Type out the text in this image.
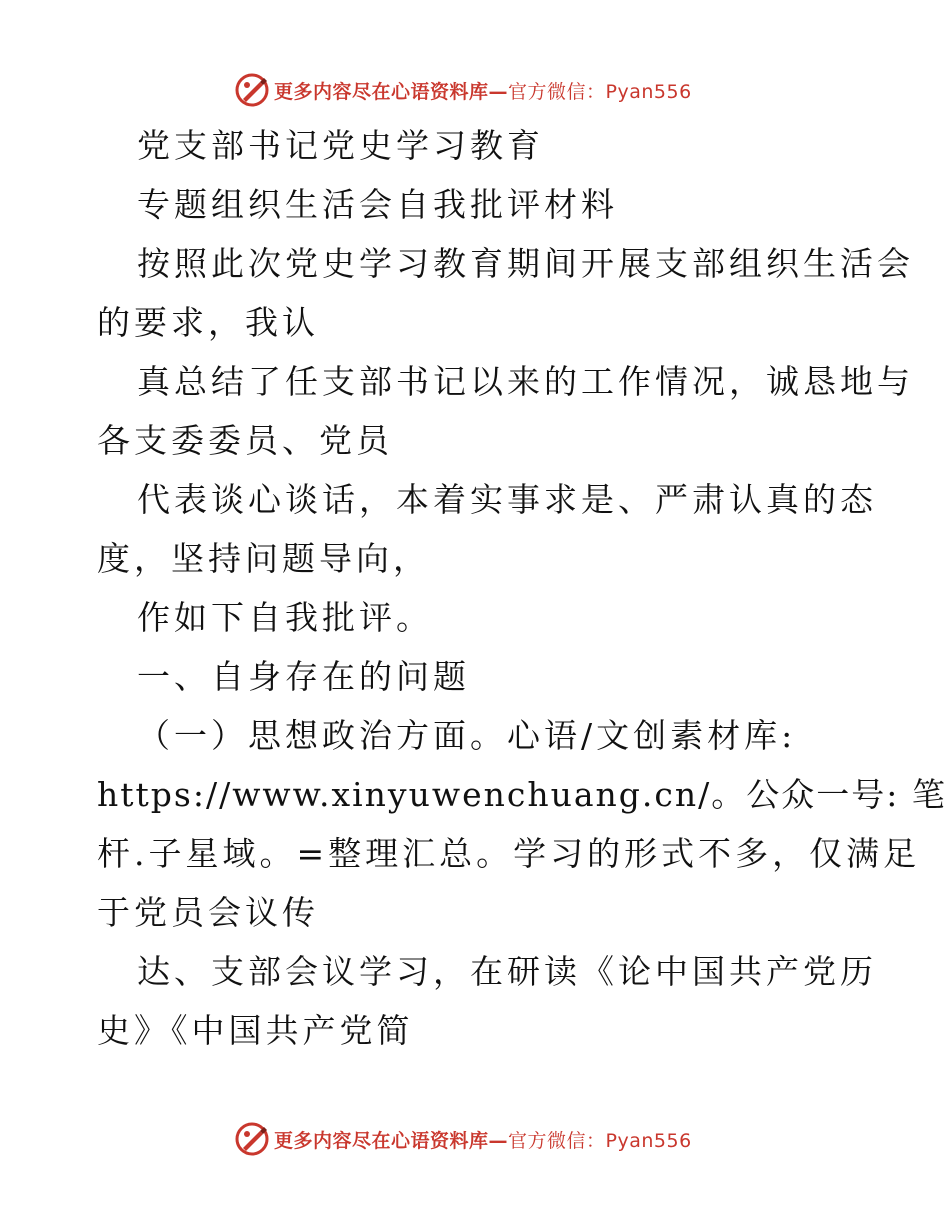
更多内容尽在心语资料库— 官方微信：Pyan556
党支部书记党史学习教育
专题组织生活会自我批评材料
按照此次党史学习教育期间开展支部组织生活会
的要求，我认
真总结了任支部书记以来的工作情况，诚恳地与
各支委委员、党员
代表谈心谈话，本着实事求是、严肃认真的态
度，坚持问题导向，
作如下自我批评。
一、自身存在的问题
（一）思想政治方面。心语/文创素材库:
https://www.xinyuwenchuang.cn/。公众一号: 笔
杆.子星域。=整理汇总。学习的形式不多，仅满足
于党员会议传
达、支部会议学习，在研读《论中国共产党历
史》《中国共产党简
更多内容尽在心语资料库— 官方微信：Pyan556
